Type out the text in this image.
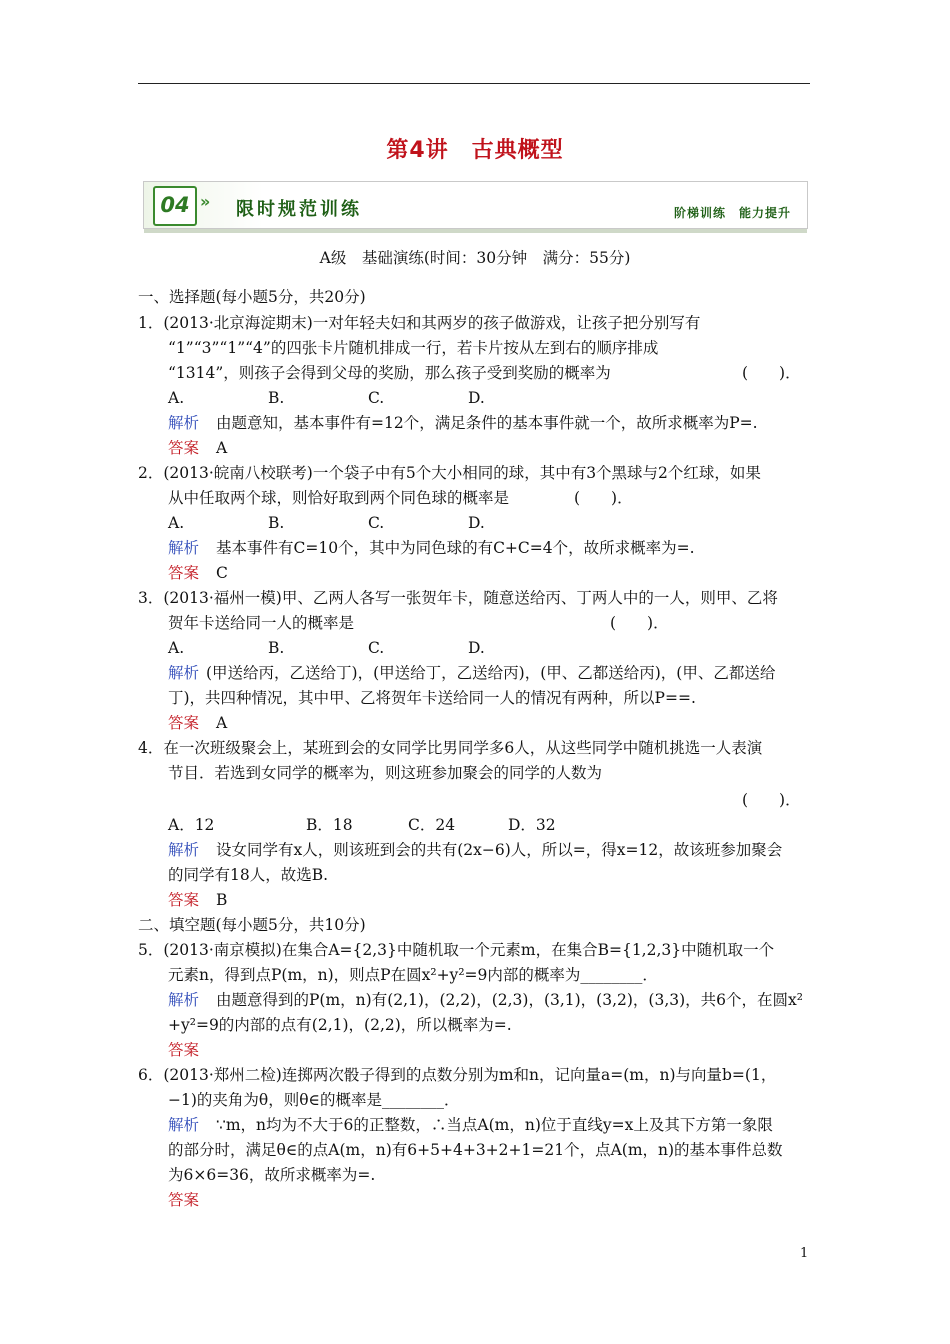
第4讲　古典概型
04 » 限时规范训练	阶梯训练　能力提升
A级　基础演练(时间：30分钟　满分：55分)
一、选择题(每小题5分，共20分)
1．(2013·北京海淀期末)一对年轻夫妇和其两岁的孩子做游戏，让孩子把分别写有
“1”“3”“1”“4”的四张卡片随机排成一行，若卡片按从左到右的顺序排成
“1314”，则孩子会得到父母的奖励，那么孩子受到奖励的概率为	(　　)．
A.	B.	C.	D.
解析 由题意知，基本事件有=12个，满足条件的基本事件就一个，故所求概率为P=.
答案 A
2．(2013·皖南八校联考)一个袋子中有5个大小相同的球，其中有3个黑球与2个红球，如果
从中任取两个球，则恰好取到两个同色球的概率是	(　　)．
A.	B.	C.	D.
解析 基本事件有C=10个，其中为同色球的有C+C=4个，故所求概率为=.
答案 C
3．(2013·福州一模)甲、乙两人各写一张贺年卡，随意送给丙、丁两人中的一人，则甲、乙将
贺年卡送给同一人的概率是	(　　)．
A.	B.	C.	D.
解析 (甲送给丙，乙送给丁)，(甲送给丁，乙送给丙)，(甲、乙都送给丙)，(甲、乙都送给
丁)，共四种情况，其中甲、乙将贺年卡送给同一人的情况有两种，所以P==.
答案 A
4．在一次班级聚会上，某班到会的女同学比男同学多6人，从这些同学中随机挑选一人表演
节目．若选到女同学的概率为，则这班参加聚会的同学的人数为
(　　)．
A．12	B．18	C．24	D．32
解析 设女同学有x人，则该班到会的共有(2x−6)人，所以=，得x=12，故该班参加聚会
的同学有18人，故选B.
答案 B
二、填空题(每小题5分，共10分)
5．(2013·南京模拟)在集合A={2,3}中随机取一个元素m，在集合B={1,2,3}中随机取一个
元素n，得到点P(m，n)，则点P在圆x²+y²=9内部的概率为________．
解析 由题意得到的P(m，n)有(2,1)，(2,2)，(2,3)，(3,1)，(3,2)，(3,3)，共6个，在圆x²
+y²=9的内部的点有(2,1)，(2,2)，所以概率为=.
答案
6．(2013·郑州二检)连掷两次骰子得到的点数分别为m和n，记向量a=(m，n)与向量b=(1，
−1)的夹角为θ，则θ∈的概率是________．
解析 ∵m，n均为不大于6的正整数，∴当点A(m，n)位于直线y=x上及其下方第一象限
的部分时，满足θ∈的点A(m，n)有6+5+4+3+2+1=21个，点A(m，n)的基本事件总数
为6×6=36，故所求概率为=.
答案
1
